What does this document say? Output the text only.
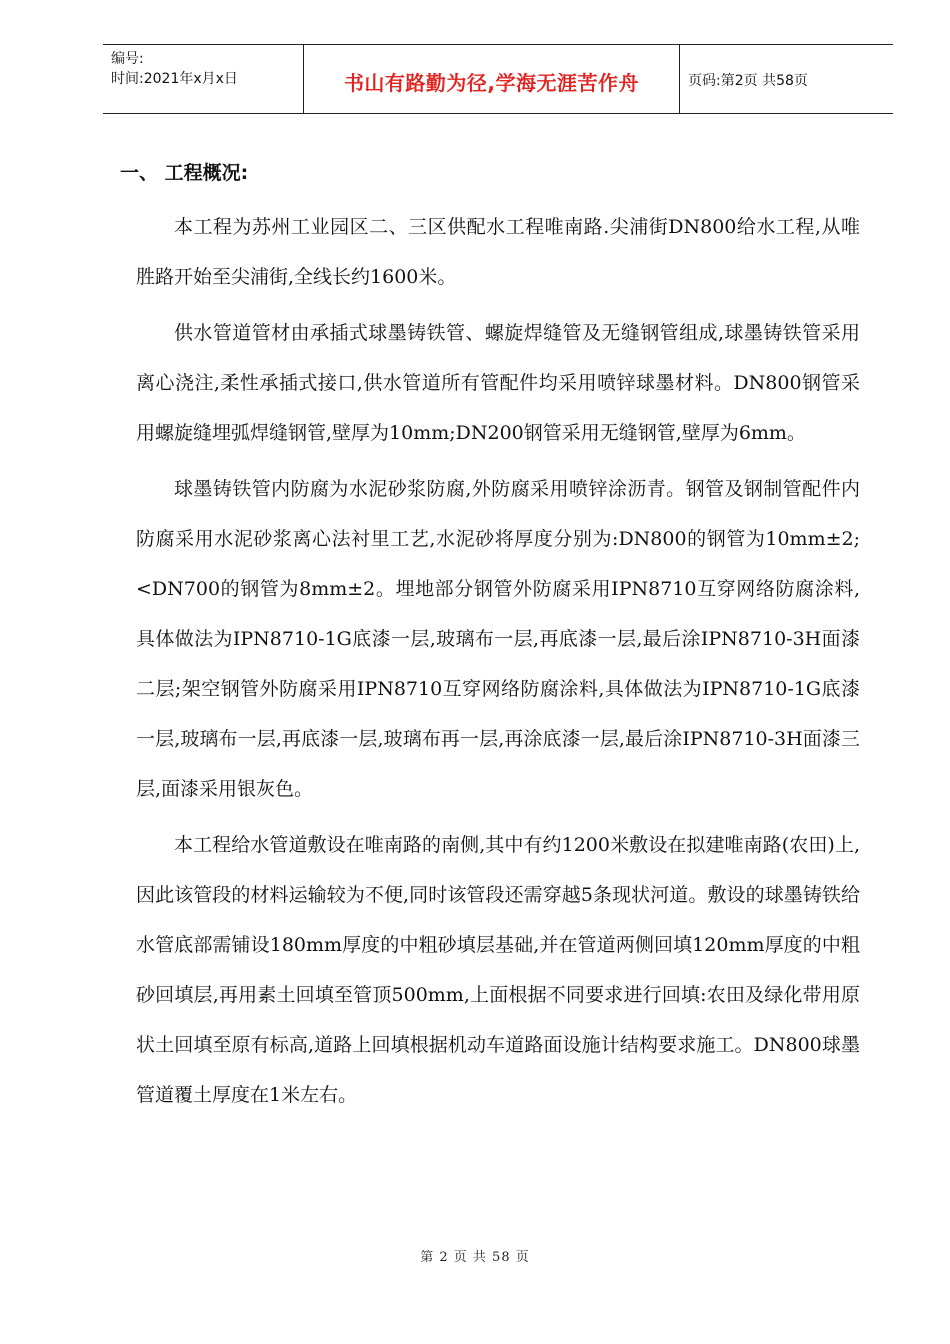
编号:
时间:2021年x月x日	书山有路勤为径,学海无涯苦作舟	页码:第2页 共58页
一、 工程概况:

本工程为苏州工业园区二、三区供配水工程唯南路.尖浦街DN800给水工程,从唯胜路开始至尖浦街,全线长约1600米。

供水管道管材由承插式球墨铸铁管、螺旋焊缝管及无缝钢管组成,球墨铸铁管采用离心浇注,柔性承插式接口,供水管道所有管配件均采用喷锌球墨材料。DN800钢管采用螺旋缝埋弧焊缝钢管,壁厚为10mm;DN200钢管采用无缝钢管,壁厚为6mm。

球墨铸铁管内防腐为水泥砂浆防腐,外防腐采用喷锌涂沥青。钢管及钢制管配件内防腐采用水泥砂浆离心法衬里工艺,水泥砂将厚度分别为:DN800的钢管为10mm±2;<DN700的钢管为8mm±2。埋地部分钢管外防腐采用IPN8710互穿网络防腐涂料,具体做法为IPN8710-1G底漆一层,玻璃布一层,再底漆一层,最后涂IPN8710-3H面漆二层;架空钢管外防腐采用IPN8710互穿网络防腐涂料,具体做法为IPN8710-1G底漆一层,玻璃布一层,再底漆一层,玻璃布再一层,再涂底漆一层,最后涂IPN8710-3H面漆三层,面漆采用银灰色。

本工程给水管道敷设在唯南路的南侧,其中有约1200米敷设在拟建唯南路(农田)上,因此该管段的材料运输较为不便,同时该管段还需穿越5条现状河道。敷设的球墨铸铁给水管底部需铺设180mm厚度的中粗砂填层基础,并在管道两侧回填120mm厚度的中粗砂回填层,再用素土回填至管顶500mm,上面根据不同要求进行回填:农田及绿化带用原状土回填至原有标高,道路上回填根据机动车道路面设施计结构要求施工。DN800球墨管道覆土厚度在1米左右。

第 2 页 共 58 页
